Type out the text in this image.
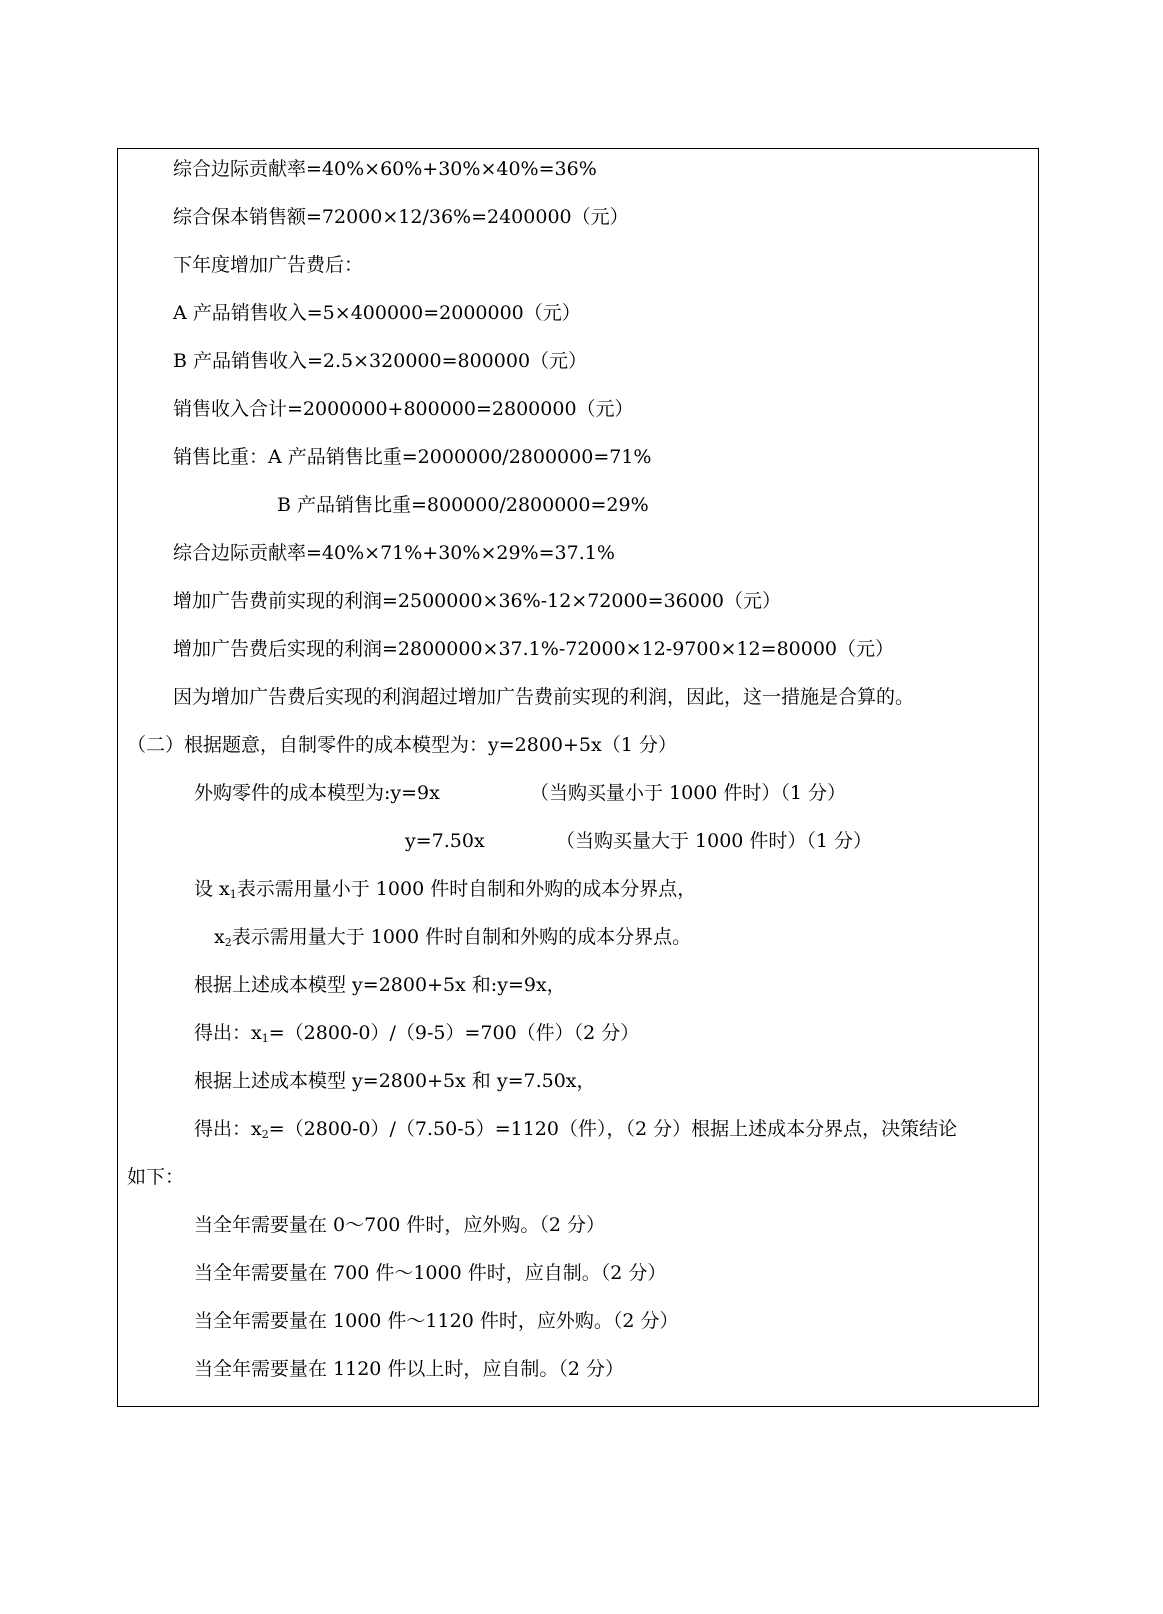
综合边际贡献率=40%×60%+30%×40%=36%
综合保本销售额=72000×12/36%=2400000（元）
下年度增加广告费后：
A 产品销售收入=5×400000=2000000（元）
B 产品销售收入=2.5×320000=800000（元）
销售收入合计=2000000+800000=2800000（元）
销售比重：A 产品销售比重=2000000/2800000=71%
B 产品销售比重=800000/2800000=29%
综合边际贡献率=40%×71%+30%×29%=37.1%
增加广告费前实现的利润=2500000×36%-12×72000=36000（元）
增加广告费后实现的利润=2800000×37.1%-72000×12-9700×12=80000（元）
因为增加广告费后实现的利润超过增加广告费前实现的利润，因此，这一措施是合算的。
（二）根据题意，自制零件的成本模型为：y=2800+5x（1 分）
外购零件的成本模型为:y=9x	（当购买量小于 1000 件时）（1 分）
y=7.50x	（当购买量大于 1000 件时）（1 分）
设 $x_1$表示需用量小于 1000 件时自制和外购的成本分界点，
$x_2$表示需用量大于 1000 件时自制和外购的成本分界点。
根据上述成本模型 y=2800+5x 和:y=9x，
得出：$x_1=(2800-0)/(9-5)=700$（件）（2 分）
根据上述成本模型 y=2800+5x 和 y=7.50x，
得出：$x_2=(2800-0)/(7.50-5)=1120$（件），（2 分）根据上述成本分界点，决策结论
如下：
当全年需要量在 0～700 件时，应外购。（2 分）
当全年需要量在 700 件～1000 件时，应自制。（2 分）
当全年需要量在 1000 件～1120 件时，应外购。（2 分）
当全年需要量在 1120 件以上时，应自制。（2 分）
